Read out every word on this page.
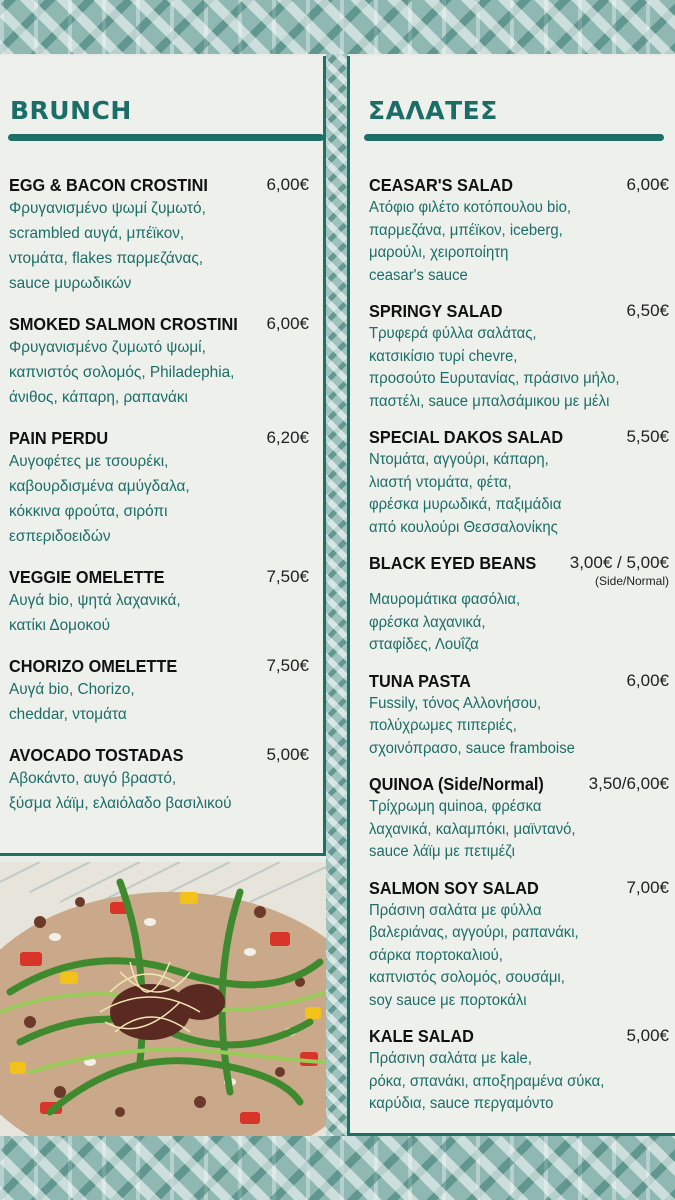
BRUNCH
EGG & BACON CROSTINI	6,00€
Φρυγανισμένο ψωμί ζυμωτό,
scrambled αυγά, μπέϊκον,
ντομάτα, flakes παρμεζάνας,
sauce μυρωδικών
SMOKED SALMON CROSTINI 6,00€
Φρυγανισμένο ζυμωτό ψωμί,
καπνιστός σολομός, Philadephia,
άνιθος, κάπαρη, ραπανάκι
PAIN PERDU	6,20€
Αυγοφέτες με τσουρέκι,
καβουρδισμένα αμύγδαλα,
κόκκινα φρούτα, σιρόπι
εσπεριδοειδών
VEGGIE OMELETTE	7,50€
Αυγά bio, ψητά λαχανικά,
κατίκι Δομοκού
CHORIZO OMELETTE	7,50€
Αυγά bio, Chorizo,
cheddar, ντομάτα
AVOCADO TOSTADAS	5,00€
Αβοκάντο, αυγό βραστό,
ξύσμα λάϊμ, ελαιόλαδο βασιλικού
ΣΑΛΑΤΕΣ
CEASAR'S SALAD	6,00€
Ατόφιο φιλέτο κοτόπουλου bio,
παρμεζάνα, μπέϊκον, iceberg,
μαρούλι, χειροποίητη
ceasar's sauce
SPRINGY SALAD	6,50€
Τρυφερά φύλλα σαλάτας,
κατσικίσιο τυρί chevre,
προσούτο Ευρυτανίας, πράσινο μήλο,
παστέλι, sauce μπαλσάμικου με μέλι
SPECIAL DAKOS SALAD	5,50€
Ντομάτα, αγγούρι, κάπαρη,
λιαστή ντομάτα, φέτα,
φρέσκα μυρωδικά, παξιμάδια
από κουλούρι Θεσσαλονίκης
BLACK EYED BEANS 3,00€ / 5,00€
(Side/Normal)
Μαυρομάτικα φασόλια,
φρέσκα λαχανικά,
σταφίδες, Λουΐζα
TUNA PASTA	6,00€
Fussily, τόνος Αλλονήσου,
πολύχρωμες πιπεριές,
σχοινόπρασο, sauce framboise
QUINOA (Side/Normal)	3,50/6,00€
Τρίχρωμη quinoa, φρέσκα
λαχανικά, καλαμπόκι, μαϊντανό,
sauce λάϊμ με πετιμέζι
SALMON SOY SALAD	7,00€
Πράσινη σαλάτα με φύλλα
βαλεριάνας, αγγούρι, ραπανάκι,
σάρκα πορτοκαλιού,
καπνιστός σολομός, σουσάμι,
soy sauce με πορτοκάλι
KALE SALAD	5,00€
Πράσινη σαλάτα με kale,
ρόκα, σπανάκι, αποξηραμένα σύκα,
καρύδια, sauce περγαμόντο
